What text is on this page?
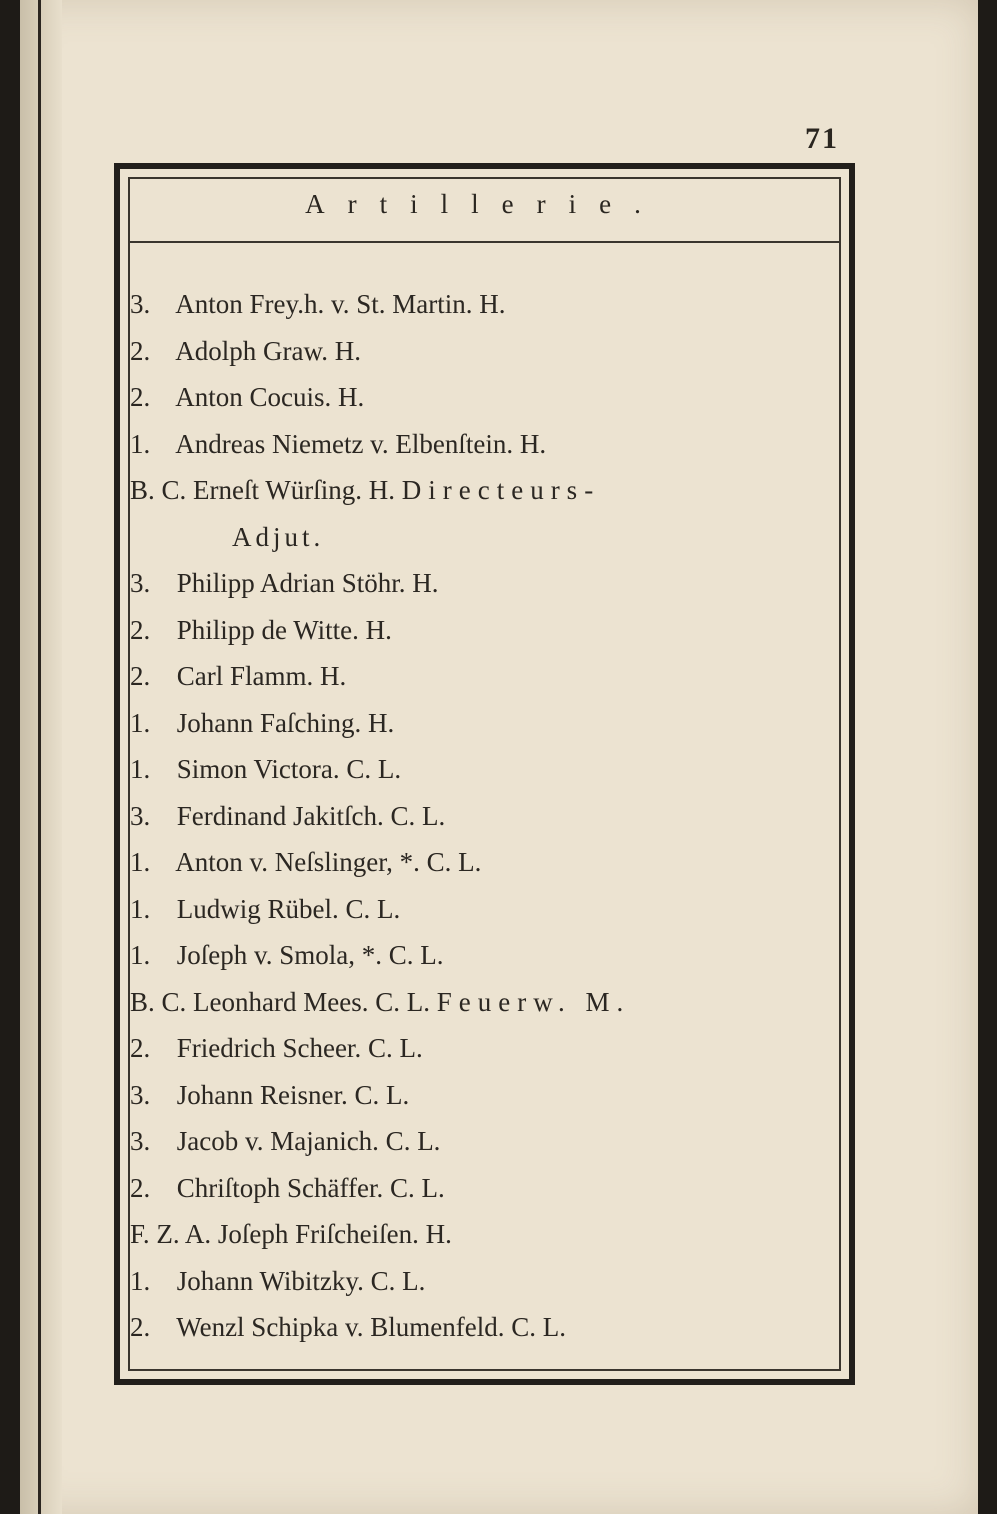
71
Artillerie.
3. Anton Frey.h. v. St. Martin. H.
2. Adolph Graw. H.
2. Anton Cocuis. H.
1. Andreas Niemetz v. Elbenſtein. H.
B. C. Erneſt Würſing. H. Directeurs-
Adjut.
3. Philipp Adrian Stöhr. H.
2. Philipp de Witte. H.
2. Carl Flamm. H.
1. Johann Faſching. H.
1. Simon Victora. C. L.
3. Ferdinand Jakitſch. C. L.
1. Anton v. Neſslinger, *. C. L.
1. Ludwig Rübel. C. L.
1. Joſeph v. Smola, *. C. L.
B. C. Leonhard Mees. C. L. Feuerw. M.
2. Friedrich Scheer. C. L.
3. Johann Reisner. C. L.
3. Jacob v. Majanich. C. L.
2. Chriſtoph Schäffer. C. L.
F. Z. A. Joſeph Friſcheiſen. H.
1. Johann Wibitzky. C. L.
2. Wenzl Schipka v. Blumenfeld. C. L.
